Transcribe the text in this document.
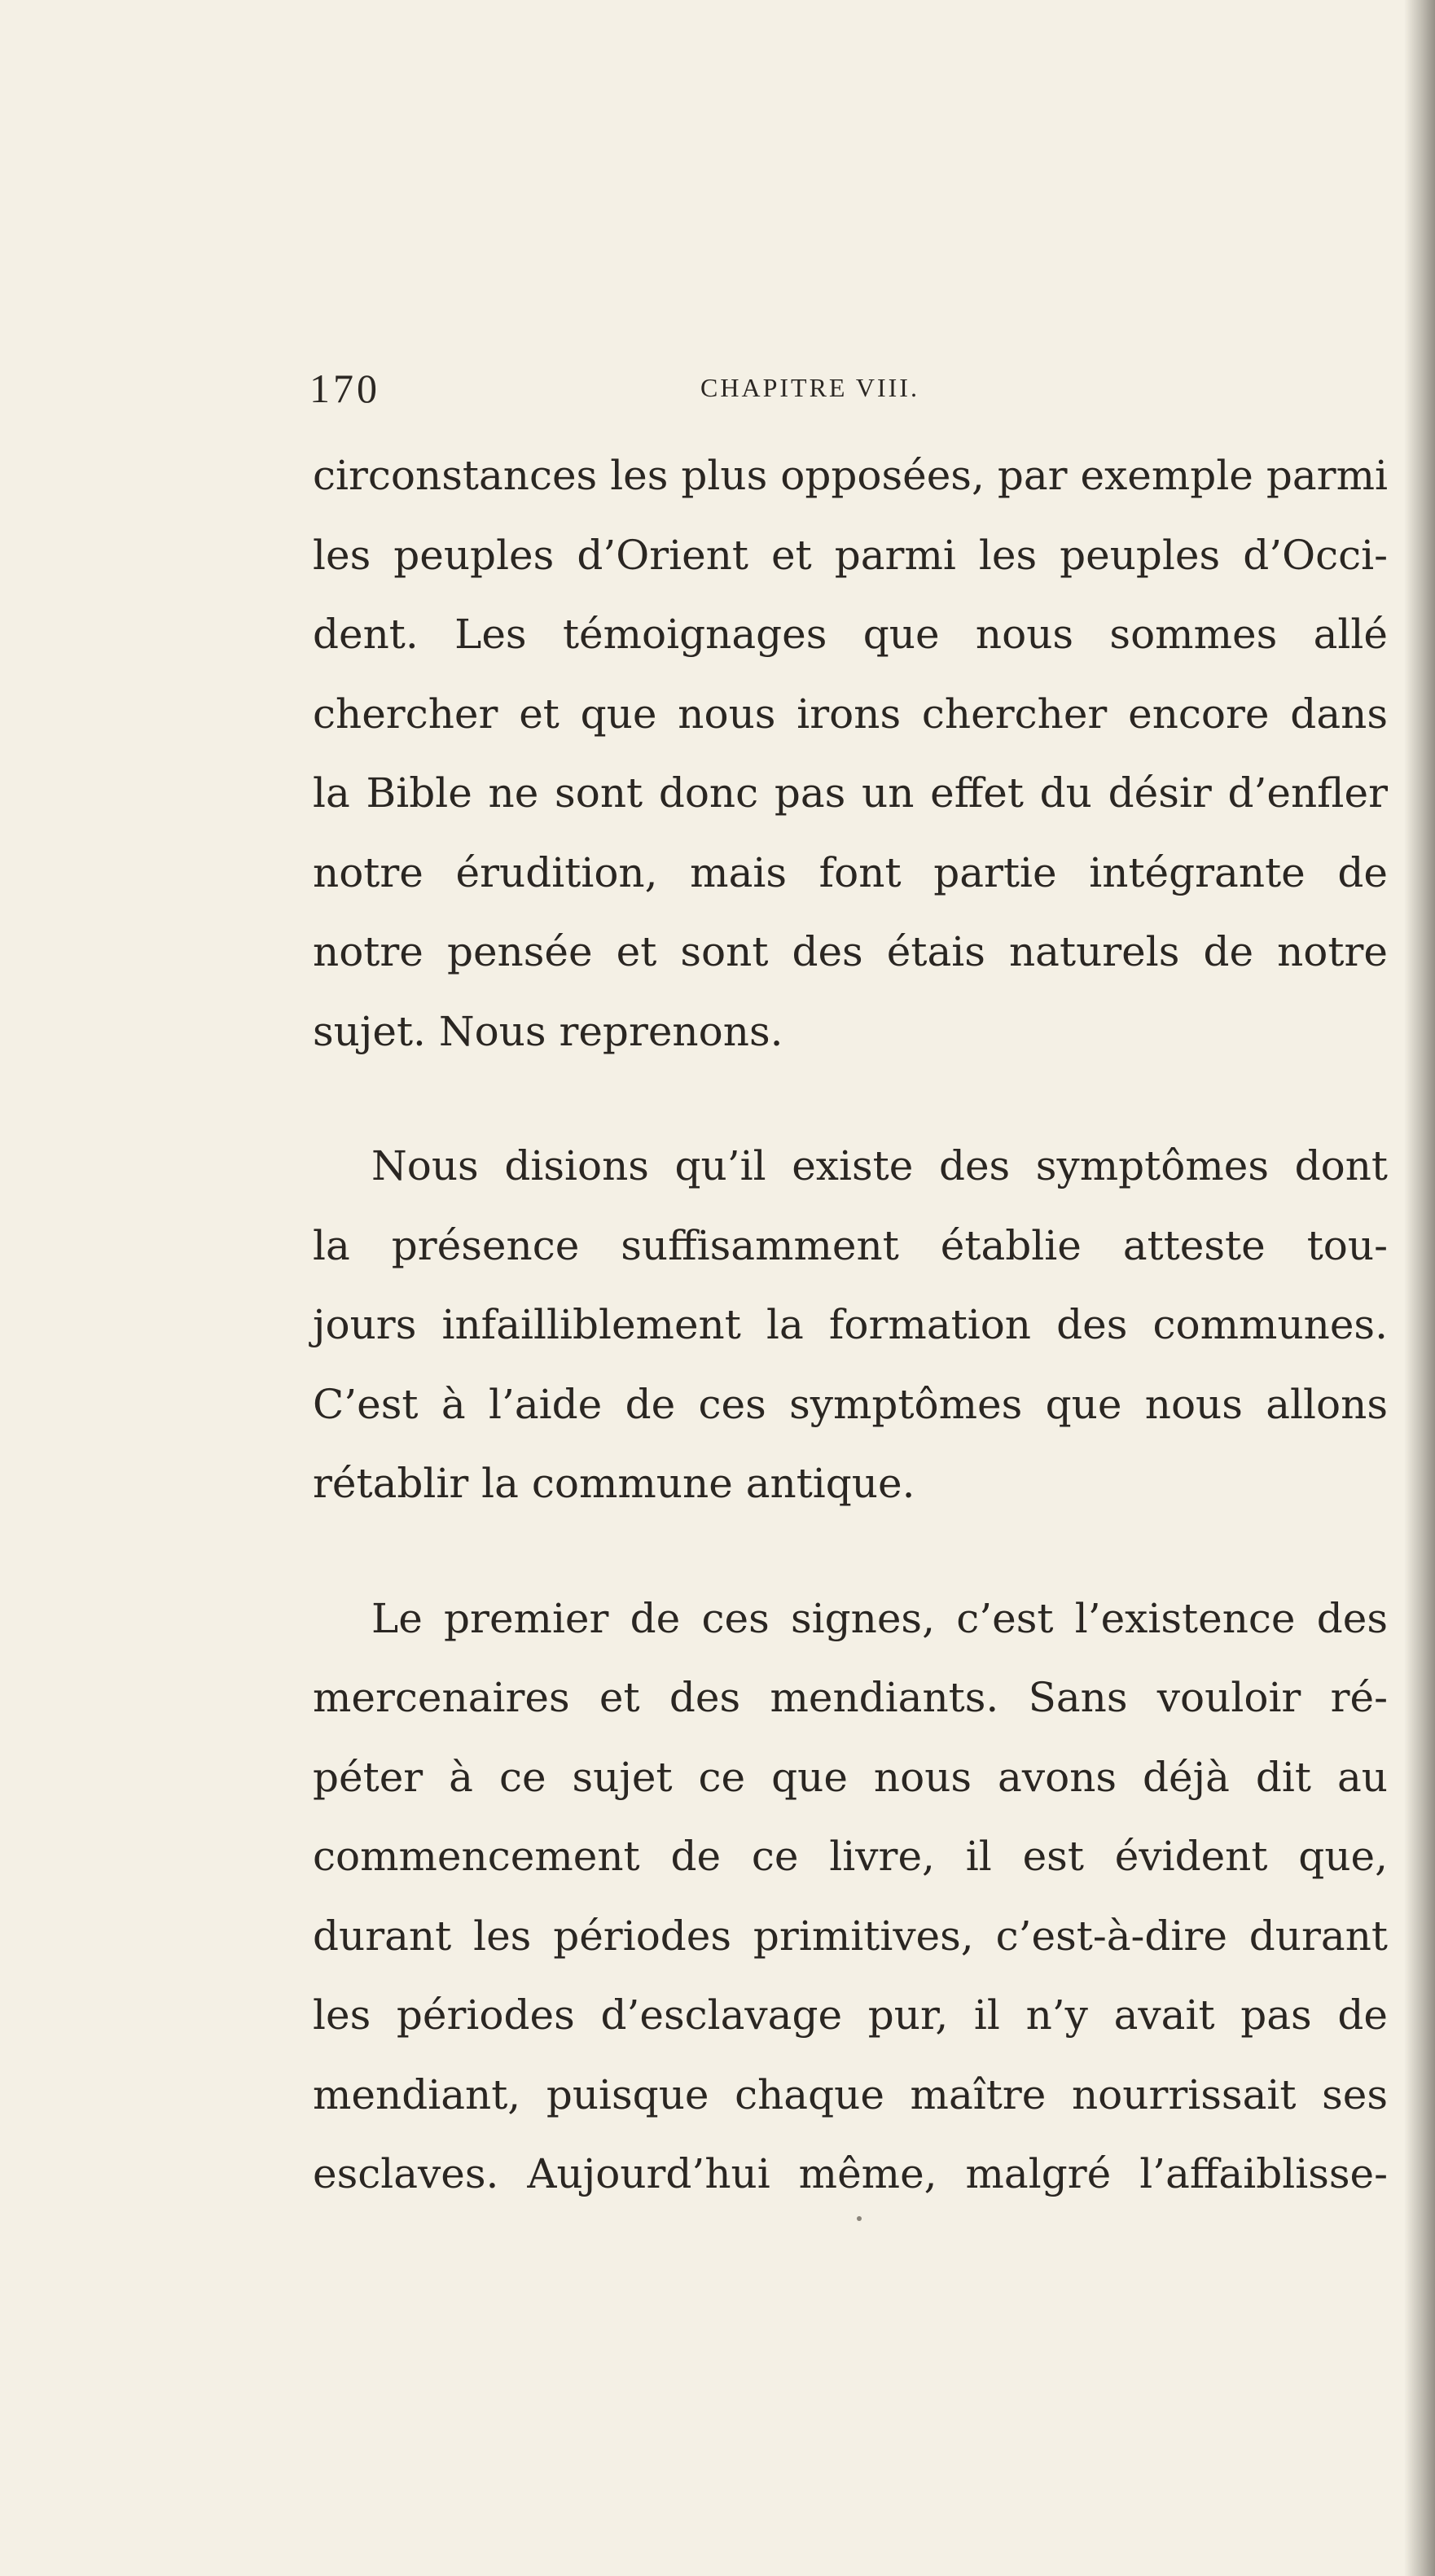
170	CHAPITRE VIII.
circonstances les plus opposées, par exemple parmi
les peuples d’Orient et parmi les peuples d’Occi-
dent. Les témoignages que nous sommes allé
chercher et que nous irons chercher encore dans
la Bible ne sont donc pas un effet du désir d’enfler
notre érudition, mais font partie intégrante de
notre pensée et sont des étais naturels de notre
sujet. Nous reprenons.
Nous disions qu’il existe des symptômes dont
la présence suffisamment établie atteste tou-
jours infailliblement la formation des communes.
C’est à l’aide de ces symptômes que nous allons
rétablir la commune antique.
Le premier de ces signes, c’est l’existence des
mercenaires et des mendiants. Sans vouloir ré-
péter à ce sujet ce que nous avons déjà dit au
commencement de ce livre, il est évident que,
durant les périodes primitives, c’est-à-dire durant
les périodes d’esclavage pur, il n’y avait pas de
mendiant, puisque chaque maître nourrissait ses
esclaves. Aujourd’hui même, malgré l’affaiblisse-
